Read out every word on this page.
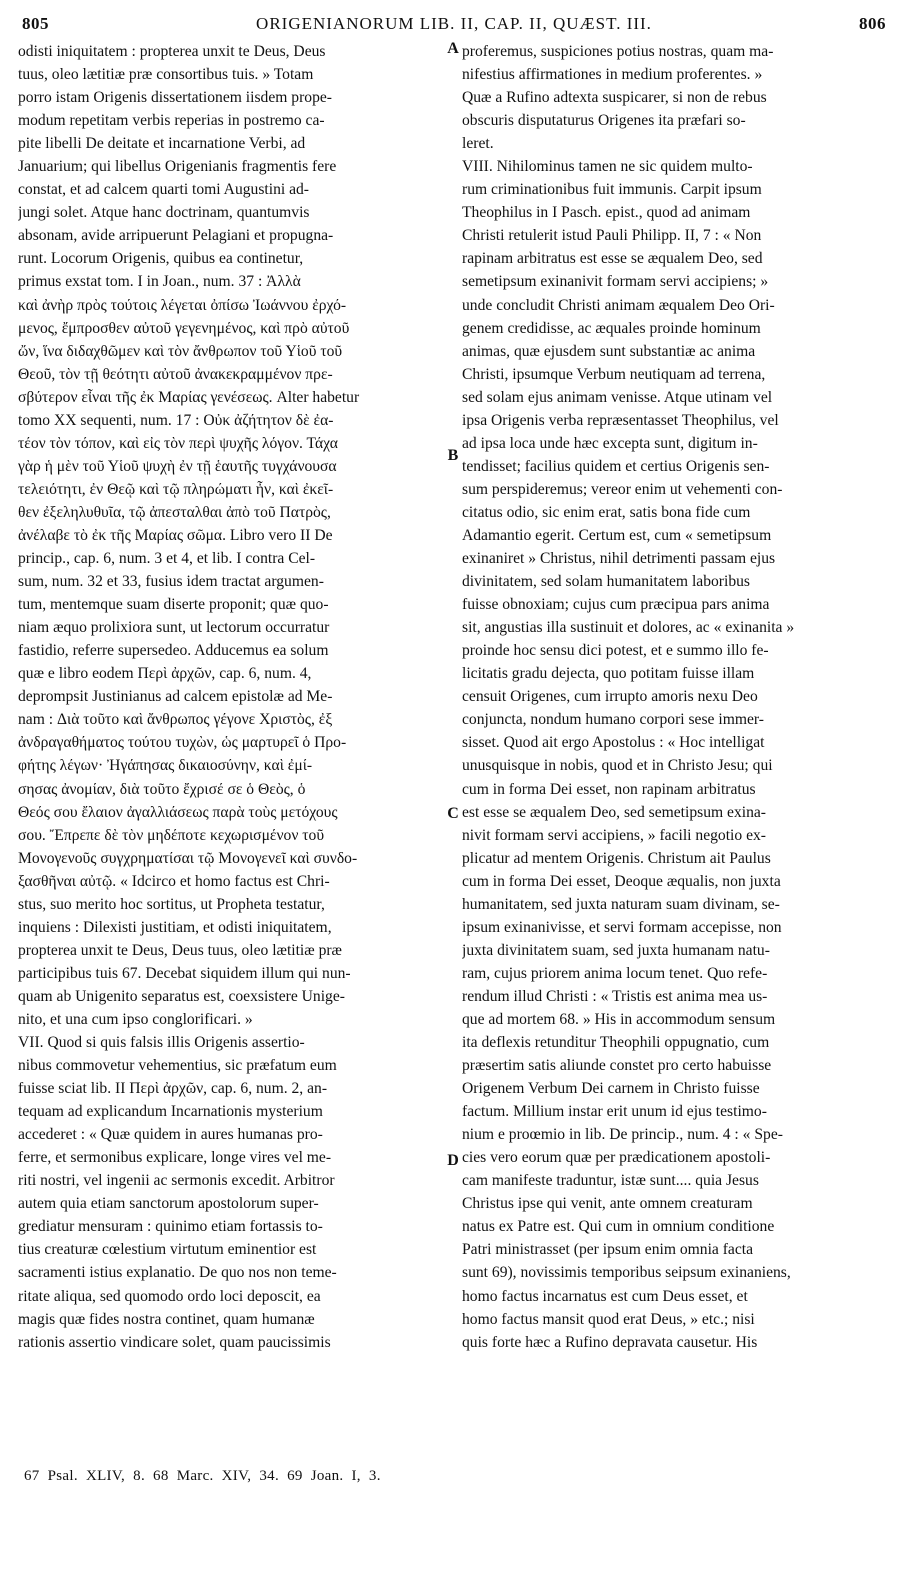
805	ORIGENIANORUM LIB. II, CAP. II, QUÆST. III.	806
odisti iniquitatem : propterea unxit te Deus, Deus
tuus, oleo lætitiæ præ consortibus tuis. » Totam
porro istam Origenis dissertationem iisdem prope-
modum repetitam verbis reperias in postremo ca-
pite libelli De deitate et incarnatione Verbi, ad
Januarium; qui libellus Origenianis fragmentis fere
constat, et ad calcem quarti tomi Augustini ad-
jungi solet. Atque hanc doctrinam, quantumvis
absonam, avide arripuerunt Pelagiani et propugna-
runt. Locorum Origenis, quibus ea continetur,
primus exstat tom. I in Joan., num. 37 : Ἀλλὰ
καὶ ἀνὴρ πρὸς τούτοις λέγεται ὀπίσω Ἰωάννου ἐρχό-
μενος, ἔμπροσθεν αὐτοῦ γεγενημένος, καὶ πρὸ αὐτοῦ
ὤν, ἵνα διδαχθῶμεν καὶ τὸν ἄνθρωπον τοῦ Υἱοῦ τοῦ
Θεοῦ, τὸν τῇ θεότητι αὐτοῦ ἀνακεκραμμένον πρε-
σβύτερον εἶναι τῆς ἐκ Μαρίας γενέσεως. Alter habetur
tomo XX sequenti, num. 17 : Οὐκ ἀζήτητον δὲ ἐα-
τέον τὸν τόπον, καὶ εἰς τὸν περὶ ψυχῆς λόγον. Τάχα
γὰρ ἡ μὲν τοῦ Υἱοῦ ψυχὴ ἐν τῇ ἑαυτῆς τυγχάνουσα
τελειότητι, ἐν Θεῷ καὶ τῷ πληρώματι ἦν, καὶ ἐκεῖ-
θεν ἐξεληλυθυῖα, τῷ ἀπεσταλθαι ἀπὸ τοῦ Πατρὸς,
ἀνέλαβε τὸ ἐκ τῆς Μαρίας σῶμα. Libro vero II De
princip., cap. 6, num. 3 et 4, et lib. I contra Cel-
sum, num. 32 et 33, fusius idem tractat argumen-
tum, mentemque suam diserte proponit; quæ quo-
niam æquo prolixiora sunt, ut lectorum occurratur
fastidio, referre supersedeo. Adducemus ea solum
quæ e libro eodem Περὶ ἀρχῶν, cap. 6, num. 4,
deprompsit Justinianus ad calcem epistolæ ad Me-
nam : Διὰ τοῦτο καὶ ἄνθρωπος γέγονε Χριστὸς, ἐξ
ἀνδραγαθήματος τούτου τυχὼν, ὡς μαρτυρεῖ ὁ Προ-
φήτης λέγων· Ἠγάπησας δικαιοσύνην, καὶ ἐμί-
σησας ἀνομίαν, διὰ τοῦτο ἔχρισέ σε ὁ Θεὸς, ὁ
Θεός σου ἔλαιον ἀγαλλιάσεως παρὰ τοὺς μετόχους
σου. Ἔπρεπε δὲ τὸν μηδέποτε κεχωρισμένον τοῦ
Μονογενοῦς συγχρηματίσαι τῷ Μονογενεῖ καὶ συνδο-
ξασθῆναι αὐτῷ. « Idcirco et homo factus est Chri-
stus, suo merito hoc sortitus, ut Propheta testatur,
inquiens : Dilexisti justitiam, et odisti iniquitatem,
propterea unxit te Deus, Deus tuus, oleo lætitiæ præ
participibus tuis 67. Decebat siquidem illum qui nun-
quam ab Unigenito separatus est, coexsistere Unige-
nito, et una cum ipso conglorificari. »
VII. Quod si quis falsis illis Origenis assertio-
nibus commovetur vehementius, sic præfatum eum
fuisse sciat lib. II Περὶ ἀρχῶν, cap. 6, num. 2, an-
tequam ad explicandum Incarnationis mysterium
accederet : « Quæ quidem in aures humanas pro-
ferre, et sermonibus explicare, longe vires vel me-
riti nostri, vel ingenii ac sermonis excedit. Arbitror
autem quia etiam sanctorum apostolorum super-
grediatur mensuram : quinimo etiam fortassis to-
tius creaturæ cœlestium virtutum eminentior est
sacramenti istius explanatio. De quo nos non teme-
ritate aliqua, sed quomodo ordo loci deposcit, ea
magis quæ fides nostra continet, quam humanæ
rationis assertio vindicare solet, quam paucissimis
proferemus, suspiciones potius nostras, quam ma-
nifestius affirmationes in medium proferentes. »
Quæ a Rufino adtexta suspicarer, si non de rebus
obscuris disputaturus Origenes ita præfari so-
leret.
VIII. Nihilominus tamen ne sic quidem multo-
rum criminationibus fuit immunis. Carpit ipsum
Theophilus in I Pasch. epist., quod ad animam
Christi retulerit istud Pauli Philipp. II, 7 : « Non
rapinam arbitratus est esse se æqualem Deo, sed
semetipsum exinanivit formam servi accipiens; »
unde concludit Christi animam æqualem Deo Ori-
genem credidisse, ac æquales proinde hominum
animas, quæ ejusdem sunt substantiæ ac anima
Christi, ipsumque Verbum neutiquam ad terrena,
sed solam ejus animam venisse. Atque utinam vel
ipsa Origenis verba repræsentasset Theophilus, vel
ad ipsa loca unde hæc excepta sunt, digitum in-
tendisset; facilius quidem et certius Origenis sen-
sum perspideremus; vereor enim ut vehementi con-
citatus odio, sic enim erat, satis bona fide cum
Adamantio egerit. Certum est, cum « semetipsum
exinaniret » Christus, nihil detrimenti passam ejus
divinitatem, sed solam humanitatem laboribus
fuisse obnoxiam; cujus cum præcipua pars anima
sit, angustias illa sustinuit et dolores, ac « exinanita »
proinde hoc sensu dici potest, et e summo illo fe-
licitatis gradu dejecta, quo potitam fuisse illam
censuit Origenes, cum irrupto amoris nexu Deo
conjuncta, nondum humano corpori sese immer-
sisset. Quod ait ergo Apostolus : « Hoc intelligat
unusquisque in nobis, quod et in Christo Jesu; qui
cum in forma Dei esset, non rapinam arbitratus
est esse se æqualem Deo, sed semetipsum exina-
nivit formam servi accipiens, » facili negotio ex-
plicatur ad mentem Origenis. Christum ait Paulus
cum in forma Dei esset, Deoque æqualis, non juxta
humanitatem, sed juxta naturam suam divinam, se-
ipsum exinanivisse, et servi formam accepisse, non
juxta divinitatem suam, sed juxta humanam natu-
ram, cujus priorem anima locum tenet. Quo refe-
rendum illud Christi : « Tristis est anima mea us-
que ad mortem 68. » His in accommodum sensum
ita deflexis retunditur Theophili oppugnatio, cum
præsertim satis aliunde constet pro certo habuisse
Origenem Verbum Dei carnem in Christo fuisse
factum. Millium instar erit unum id ejus testimo-
nium e proœmio in lib. De princip., num. 4 : « Spe-
cies vero eorum quæ per prædicationem apostoli-
cam manifeste traduntur, istæ sunt.... quia Jesus
Christus ipse qui venit, ante omnem creaturam
natus ex Patre est. Qui cum in omnium conditione
Patri ministrasset (per ipsum enim omnia facta
sunt 69), novissimis temporibus seipsum exinaniens,
homo factus incarnatus est cum Deus esset, et
homo factus mansit quod erat Deus, » etc.; nisi
quis forte hæc a Rufino depravata causetur. His
A
B
C
D
67 Psal. XLIV, 8. 68 Marc. XIV, 34. 69 Joan. I, 3.
